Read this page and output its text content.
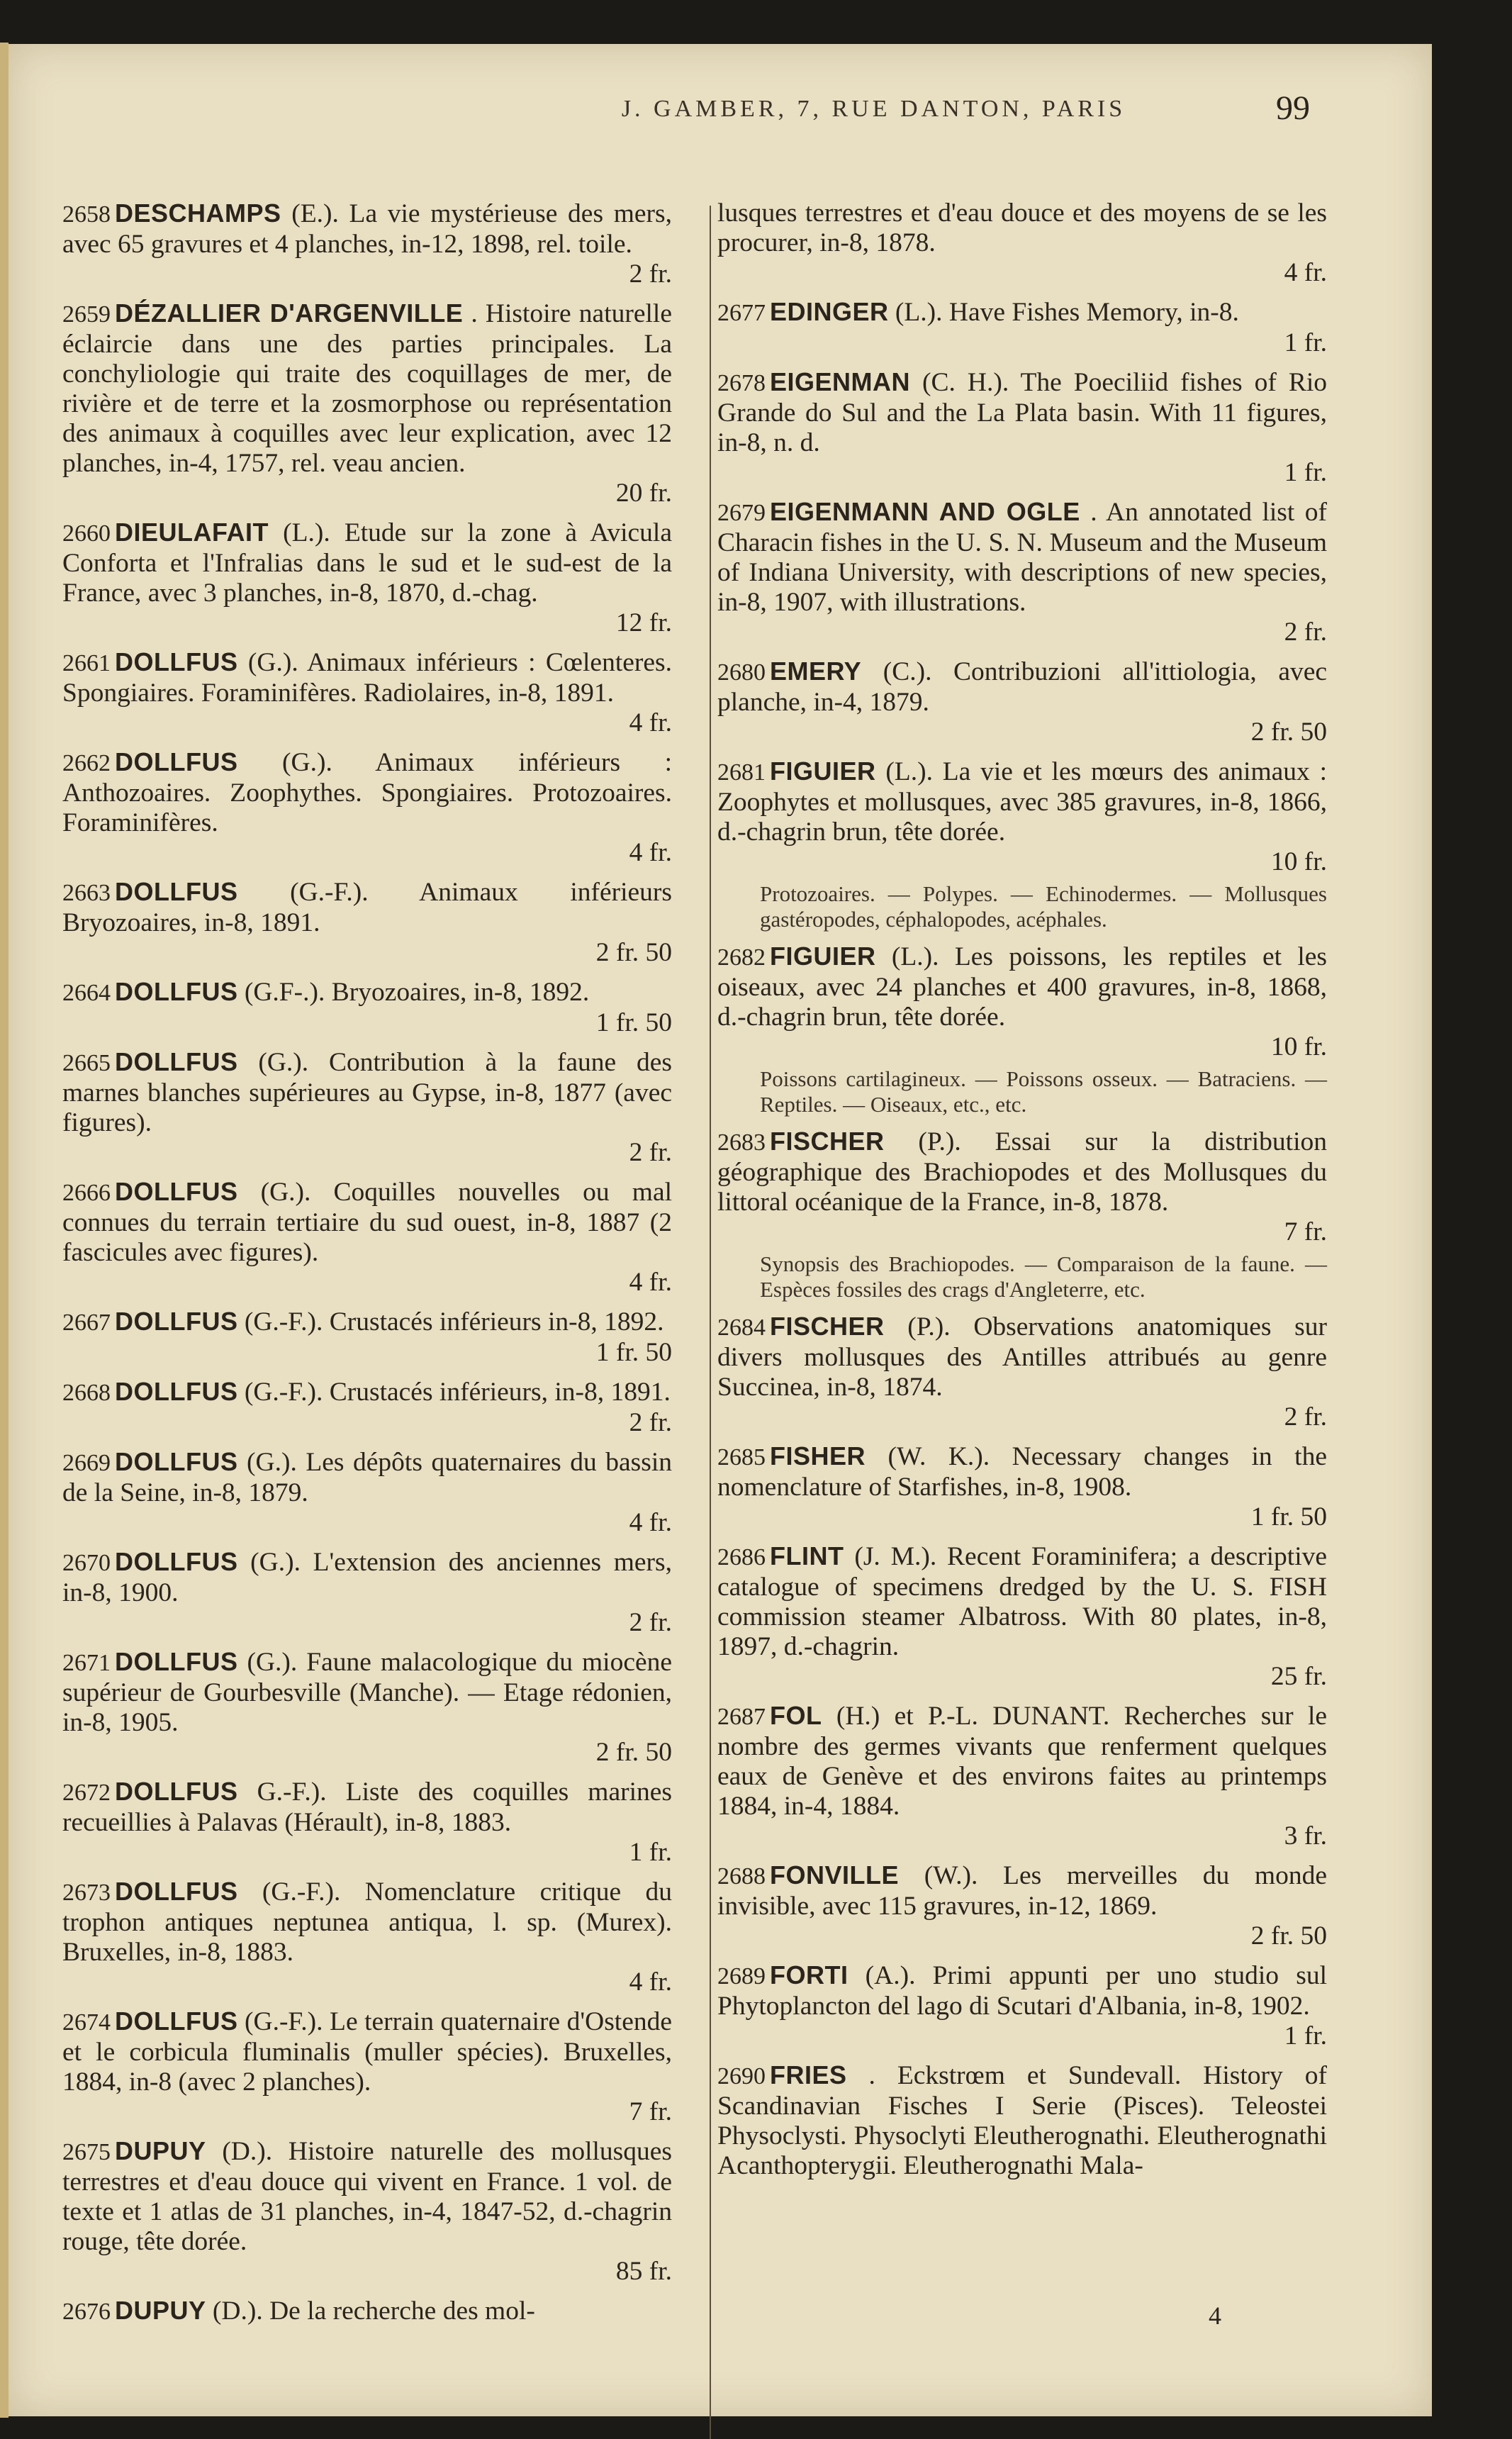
J. GAMBER, 7, RUE DANTON, PARIS	99
2658 DESCHAMPS (E.). La vie mystérieuse des mers, avec 65 gravures et 4 planches, in-12, 1898, rel. toile.
2 fr.
2659 DÉZALLIER D'ARGENVILLE . Histoire naturelle éclaircie dans une des parties principales. La conchyliologie qui traite des coquillages de mer, de rivière et de terre et la zosmorphose ou représentation des animaux à coquilles avec leur explication, avec 12 planches, in-4, 1757, rel. veau ancien.
20 fr.
2660 DIEULAFAIT (L.). Etude sur la zone à Avicula Conforta et l'Infralias dans le sud et le sud-est de la France, avec 3 planches, in-8, 1870, d.-chag.
12 fr.
2661 DOLLFUS (G.). Animaux inférieurs : Cœlenteres. Spongiaires. Foraminifères. Radiolaires, in-8, 1891.
4 fr.
2662 DOLLFUS (G.). Animaux inférieurs : Anthozoaires. Zoophythes. Spongiaires. Protozoaires. Foraminifères.
4 fr.
2663 DOLLFUS (G.-F.). Animaux inférieurs Bryozoaires, in-8, 1891.
2 fr. 50
2664 DOLLFUS (G.F-.). Bryozoaires, in-8, 1892.
1 fr. 50
2665 DOLLFUS (G.). Contribution à la faune des marnes blanches supérieures au Gypse, in-8, 1877 (avec figures).
2 fr.
2666 DOLLFUS (G.). Coquilles nouvelles ou mal connues du terrain tertiaire du sud ouest, in-8, 1887 (2 fascicules avec figures).
4 fr.
2667 DOLLFUS (G.-F.). Crustacés inférieurs in-8, 1892.
1 fr. 50
2668 DOLLFUS (G.-F.). Crustacés inférieurs, in-8, 1891.
2 fr.
2669 DOLLFUS (G.). Les dépôts quaternaires du bassin de la Seine, in-8, 1879.
4 fr.
2670 DOLLFUS (G.). L'extension des anciennes mers, in-8, 1900.
2 fr.
2671 DOLLFUS (G.). Faune malacologique du miocène supérieur de Gourbesville (Manche). — Etage rédonien, in-8, 1905.
2 fr. 50
2672 DOLLFUS G.-F.). Liste des coquilles marines recueillies à Palavas (Hérault), in-8, 1883.
1 fr.
2673 DOLLFUS (G.-F.). Nomenclature critique du trophon antiques neptunea antiqua, l. sp. (Murex). Bruxelles, in-8, 1883.
4 fr.
2674 DOLLFUS (G.-F.). Le terrain quaternaire d'Ostende et le corbicula fluminalis (muller spécies). Bruxelles, 1884, in-8 (avec 2 planches).
7 fr.
2675 DUPUY (D.). Histoire naturelle des mollusques terrestres et d'eau douce qui vivent en France. 1 vol. de texte et 1 atlas de 31 planches, in-4, 1847-52, d.-chagrin rouge, tête dorée.
85 fr.
2676 DUPUY (D.). De la recherche des mol-
lusques terrestres et d'eau douce et des moyens de se les procurer, in-8, 1878.
4 fr.
2677 EDINGER (L.). Have Fishes Memory, in-8.
1 fr.
2678 EIGENMAN (C. H.). The Poeciliid fishes of Rio Grande do Sul and the La Plata basin. With 11 figures, in-8, n. d.
1 fr.
2679 EIGENMANN AND OGLE . An annotated list of Characin fishes in the U. S. N. Museum and the Museum of Indiana University, with descriptions of new species, in-8, 1907, with illustrations.
2 fr.
2680 EMERY (C.). Contribuzioni all'ittiologia, avec planche, in-4, 1879.
2 fr. 50
2681 FIGUIER (L.). La vie et les mœurs des animaux : Zoophytes et mollusques, avec 385 gravures, in-8, 1866, d.-chagrin brun, tête dorée.
10 fr.
Protozoaires. — Polypes. — Echinodermes. — Mollusques gastéropodes, céphalopodes, acéphales.
2682 FIGUIER (L.). Les poissons, les reptiles et les oiseaux, avec 24 planches et 400 gravures, in-8, 1868, d.-chagrin brun, tête dorée.
10 fr.
Poissons cartilagineux. — Poissons osseux. — Batraciens. — Reptiles. — Oiseaux, etc., etc.
2683 FISCHER (P.). Essai sur la distribution géographique des Brachiopodes et des Mollusques du littoral océanique de la France, in-8, 1878.
7 fr.
Synopsis des Brachiopodes. — Comparaison de la faune. — Espèces fossiles des crags d'Angleterre, etc.
2684 FISCHER (P.). Observations anatomiques sur divers mollusques des Antilles attribués au genre Succinea, in-8, 1874.
2 fr.
2685 FISHER (W. K.). Necessary changes in the nomenclature of Starfishes, in-8, 1908.
1 fr. 50
2686 FLINT (J. M.). Recent Foraminifera; a descriptive catalogue of specimens dredged by the U. S. FISH commission steamer Albatross. With 80 plates, in-8, 1897, d.-chagrin.
25 fr.
2687 FOL (H.) et P.-L. DUNANT. Recherches sur le nombre des germes vivants que renferment quelques eaux de Genève et des environs faites au printemps 1884, in-4, 1884.
3 fr.
2688 FONVILLE (W.). Les merveilles du monde invisible, avec 115 gravures, in-12, 1869.
2 fr. 50
2689 FORTI (A.). Primi appunti per uno studio sul Phytoplancton del lago di Scutari d'Albania, in-8, 1902.
1 fr.
2690 FRIES . Eckstrœm et Sundevall. History of Scandinavian Fisches I Serie (Pisces). Teleostei Physoclysti. Physoclyti Eleutherognathi. Eleutherognathi Acanthopterygii. Eleutherognathi Mala-
4
